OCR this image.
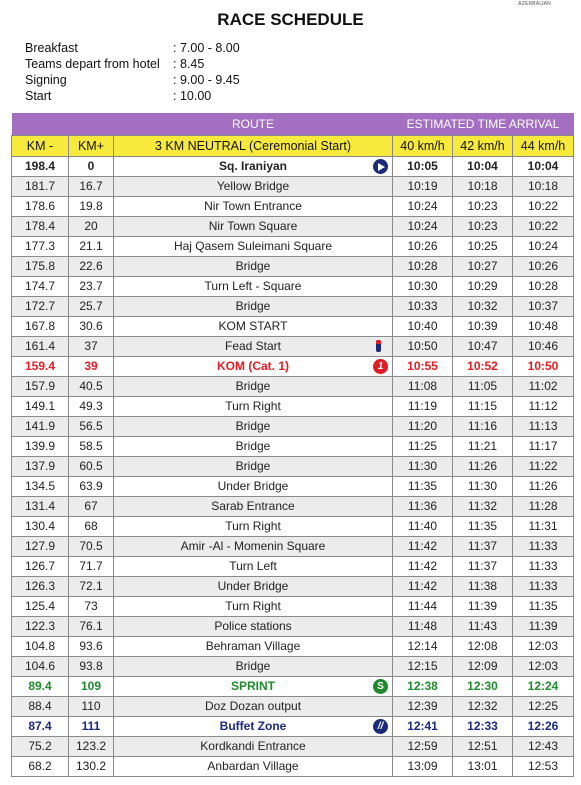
AZERBAIJAN
RACE SCHEDULE
Breakfast	: 7.00 - 8.00
Teams depart from hotel	: 8.45
Signing	: 9.00 - 9.45
Start	: 10.00
		ROUTE	ESTIMATED TIME ARRIVAL		
KM -	KM+	3 KM NEUTRAL (Ceremonial Start)	40 km/h	42 km/h	44 km/h
198.4	0	Sq. Iraniyan	10:05	10:04	10:04
181.7	16.7	Yellow Bridge	10:19	10:18	10:18
178.6	19.8	Nir Town Entrance	10:24	10:23	10:22
178.4	20	Nir Town Square	10:24	10:23	10:22
177.3	21.1	Haj Qasem Suleimani Square	10:26	10:25	10:24
175.8	22.6	Bridge	10:28	10:27	10:26
174.7	23.7	Turn Left - Square	10:30	10:29	10:28
172.7	25.7	Bridge	10:33	10:32	10:37
167.8	30.6	KOM START	10:40	10:39	10:48
161.4	37	Fead Start	10:50	10:47	10:46
159.4	39	KOM (Cat. 1) 1	10:55	10:52	10:50
157.9	40.5	Bridge	11:08	11:05	11:02
149.1	49.3	Turn Right	11:19	11:15	11:12
141.9	56.5	Bridge	11:20	11:16	11:13
139.9	58.5	Bridge	11:25	11:21	11:17
137.9	60.5	Bridge	11:30	11:26	11:22
134.5	63.9	Under Bridge	11:35	11:30	11:26
131.4	67	Sarab Entrance	11:36	11:32	11:28
130.4	68	Turn Right	11:40	11:35	11:31
127.9	70.5	Amir -Al - Momenin Square	11:42	11:37	11:33
126.7	71.7	Turn Left	11:42	11:37	11:33
126.3	72.1	Under Bridge	11:42	11:38	11:33
125.4	73	Turn Right	11:44	11:39	11:35
122.3	76.1	Police stations	11:48	11:43	11:39
104.8	93.6	Behraman Village	12:14	12:08	12:03
104.6	93.8	Bridge	12:15	12:09	12:03
89.4	109	SPRINT S	12:38	12:30	12:24
88.4	110	Doz Dozan output	12:39	12:32	12:25
87.4	111	Buffet Zone //	12:41	12:33	12:26
75.2	123.2	Kordkandi Entrance	12:59	12:51	12:43
68.2	130.2	Anbardan Village	13:09	13:01	12:53
